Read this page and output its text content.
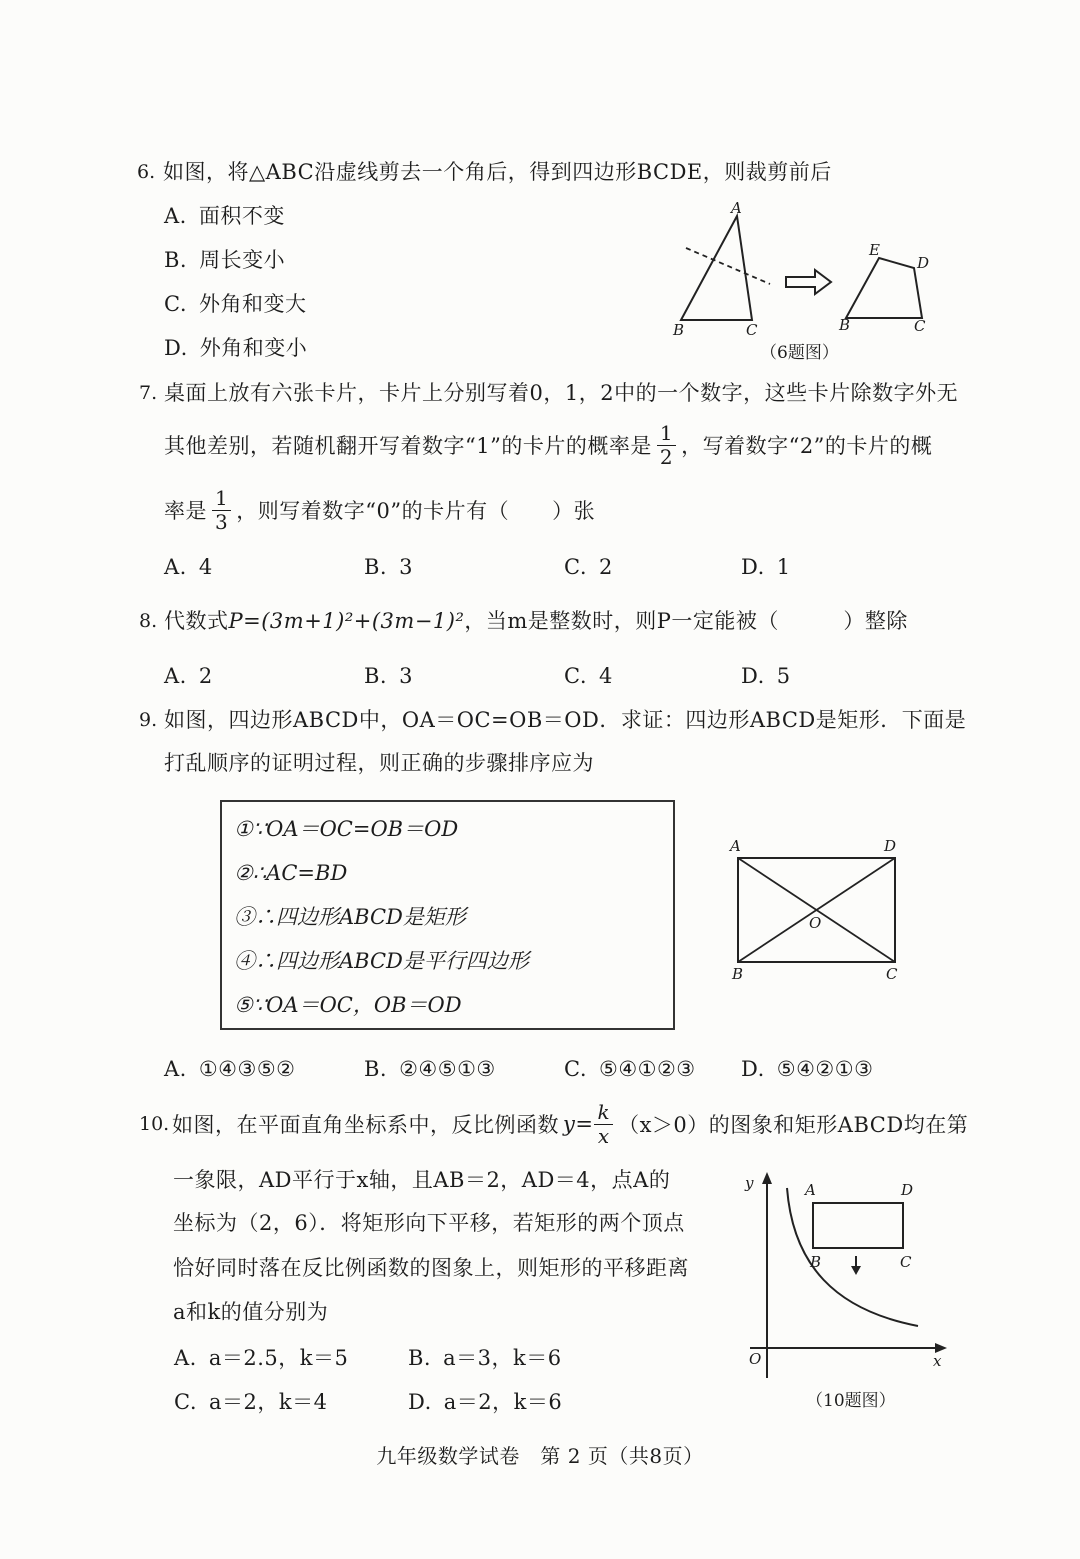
6. 如图，将△ABC沿虚线剪去一个角后，得到四边形BCDE，则裁剪前后
A. 面积不变
B. 周长变小
C. 外角和变大
D. 外角和变小
A
B	C
E
D
C
B
（6题图）
7. 桌面上放有六张卡片，卡片上分别写着0，1，2中的一个数字，这些卡片除数字外无
其他差别，若随机翻开写着数字“1”的卡片的概率是 $\frac{1}{2}$ ，写着数字“2”的卡片的概
率是 $\frac{1}{3}$ ，则写着数字“0”的卡片有（　　）张
A. 4	B. 3	C. 2	D. 1
8. 代数式P=(3m+1)²+(3m−1)²，当m是整数时，则P一定能被（　　　）整除
A. 2	B. 3	C. 4	D. 5
9. 如图，四边形ABCD中，OA＝OC=OB＝OD．求证：四边形ABCD是矩形．下面是
打乱顺序的证明过程，则正确的步骤排序应为
①∵OA＝OC=OB＝OD
②∴AC=BD
③∴四边形ABCD是矩形
④∴四边形ABCD是平行四边形
⑤∵OA＝OC，OB＝OD
A	D
B	C
O
A. ①④③⑤②	B. ②④⑤①③	C. ⑤④①②③ D. ⑤④②①③
10. 如图，在平面直角坐标系中，反比例函数 $y= \frac{k}{x} (x>0)$的图象和矩形ABCD均在第
一象限，AD平行于x轴，且AB＝2，AD＝4，点A的
坐标为（2，6）．将矩形向下平移，若矩形的两个顶点
恰好同时落在反比例函数的图象上，则矩形的平移距离
a和k的值分别为
A. a＝2.5，k＝5	B. a＝3，k＝6
C. a＝2，k＝4	D. a＝2，k＝6
y
x
O
A	D
B	C
（10题图）
九年级数学试卷　第 2 页（共8页）
